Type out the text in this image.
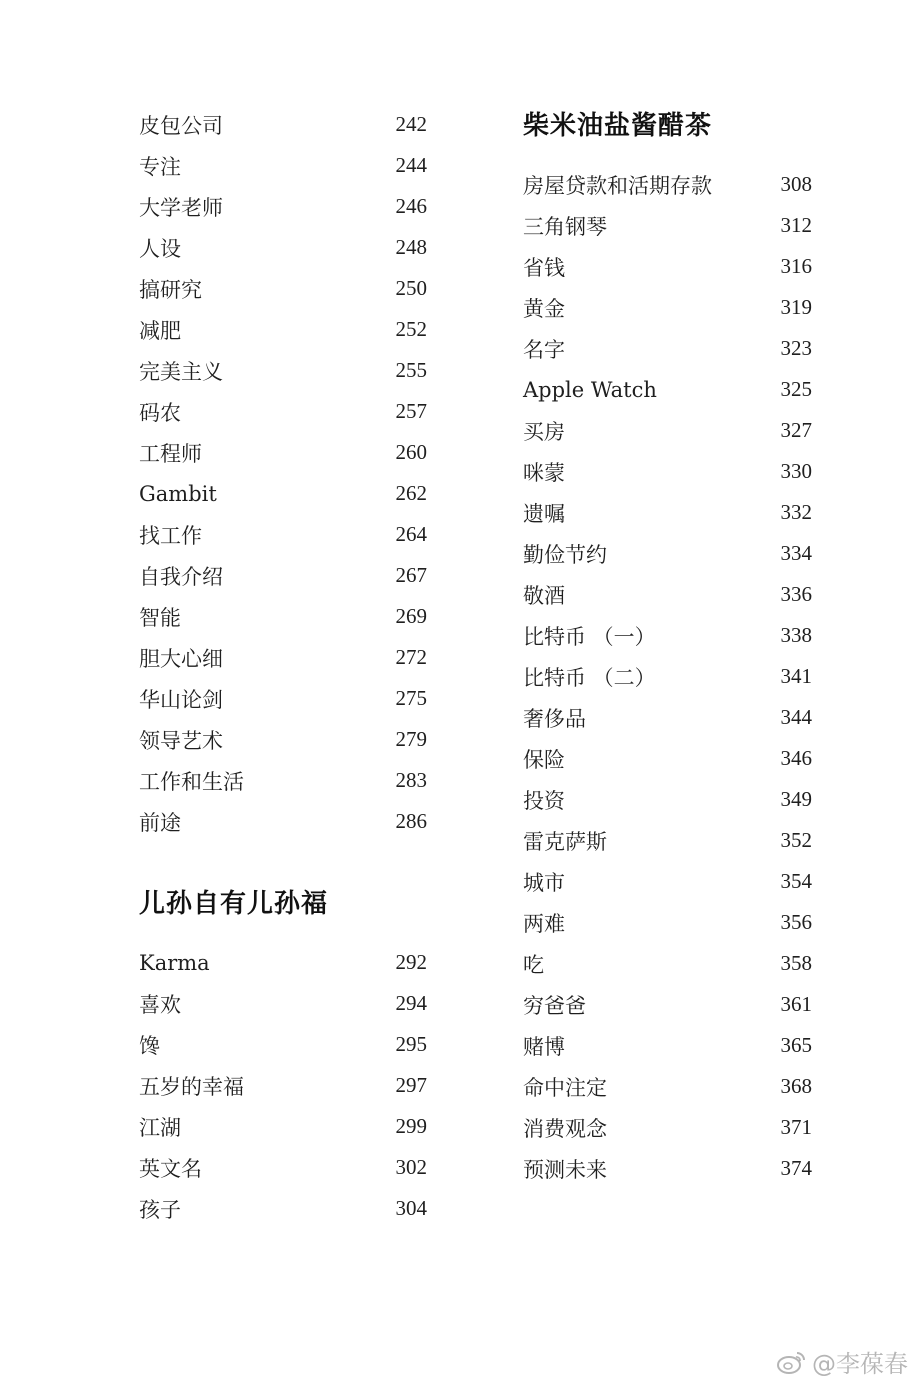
皮包公司	242
专注	244
大学老师	246
人设	248
搞研究	250
减肥	252
完美主义	255
码农	257
工程师	260
Gambit	262
找工作	264
自我介绍	267
智能	269
胆大心细	272
华山论剑	275
领导艺术	279
工作和生活	283
前途	286
儿孙自有儿孙福
Karma	292
喜欢	294
馋	295
五岁的幸福	297
江湖	299
英文名	302
孩子	304
柴米油盐酱醋茶
房屋贷款和活期存款	308
三角钢琴	312
省钱	316
黄金	319
名字	323
Apple Watch	325
买房	327
咪蒙	330
遗嘱	332
勤俭节约	334
敬酒	336
比特币 （一）	338
比特币 （二）	341
奢侈品	344
保险	346
投资	349
雷克萨斯	352
城市	354
两难	356
吃	358
穷爸爸	361
赌博	365
命中注定	368
消费观念	371
预测未来	374
@李葆春
